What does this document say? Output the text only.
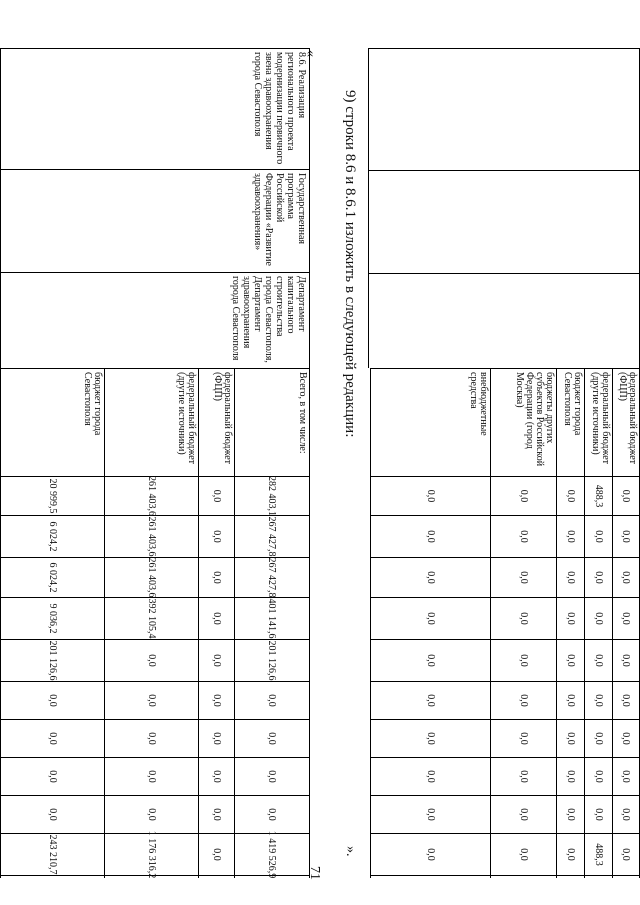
федеральный бюджет (ФЦП)
0,0
0,0
0,0
0,0
0,0
0,0
0,0
0,0
0,0
0,0
федеральный бюджет (другие источники)
488,3
0,0
0,0
0,0
0,0
0,0
0,0
0,0
0,0
488,3
бюджет города Севастополя
0,0
0,0
0,0
0,0
0,0
0,0
0,0
0,0
0,0
0,0
бюджеты других субъектов Российской Федерации (город Москва)
0,0
0,0
0,0
0,0
0,0
0,0
0,0
0,0
0,0
0,0
внебюджетные средства
0,0
0,0
0,0
0,0
0,0
0,0
0,0
0,0
0,0
0,0
9) строки 8.6 и 8.6.1 изложить в следующей редакции:
«
».
71
8.6. Реализация регионального проекта модернизации первичного звена здравоохранения города Севастополя
Государственная программа Российской Федерации «Развитие здравоохранения»
Департамент капитального строительства города Севастополя, Департамент здравоохранения города Севастополя
Всего, в том числе:
282 403,1
267 427,8
267 427,8
401 141,6
201 126,6
0,0
0,0
0,0
0,0
1 419 526,9
федеральный бюджет (ФЦП)
0,0
0,0
0,0
0,0
0,0
0,0
0,0
0,0
0,0
0,0
федеральный бюджет (другие источники)
261 403,6
261 403,6
261 403,6
392 105,4
0,0
0,0
0,0
0,0
0,0
1 176 316,2
бюджет города Севастополя
20 999,5
6 024,2
6 024,2
9 036,2
201 126,6
0,0
0,0
0,0
0,0
243 210,7
